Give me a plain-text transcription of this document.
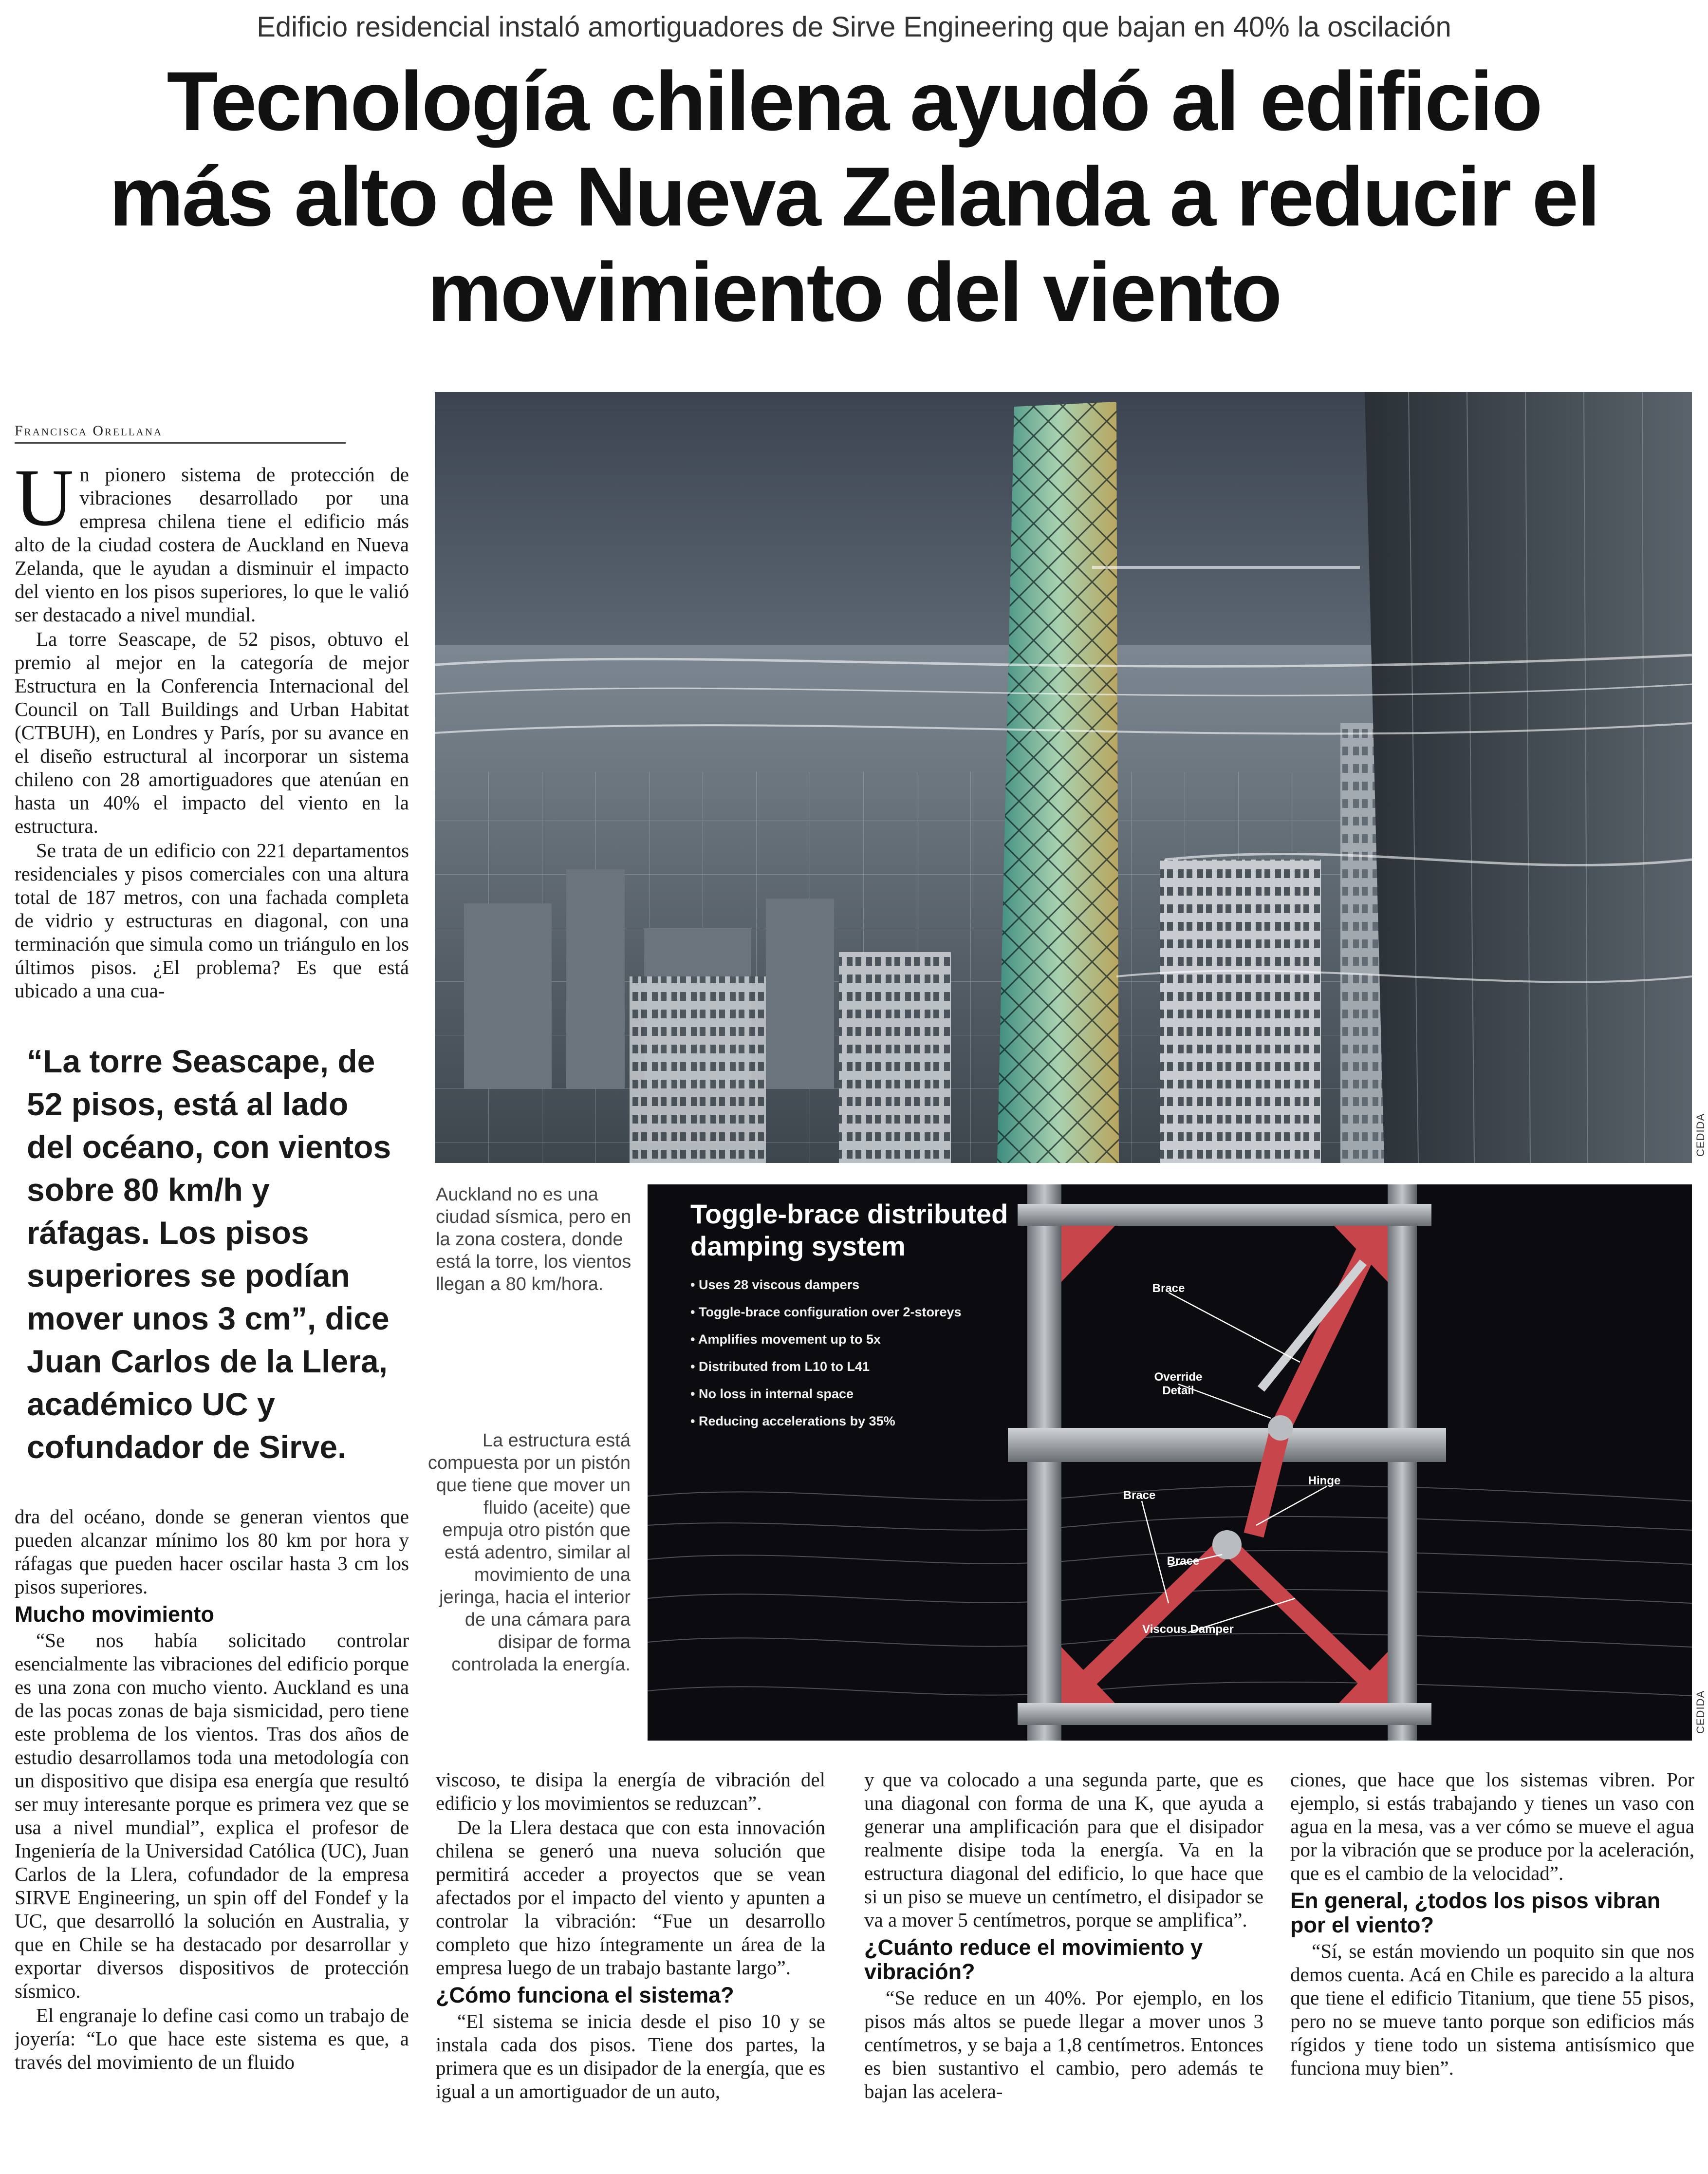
Edificio residencial instaló amortiguadores de Sirve Engineering que bajan en 40% la oscilación
Tecnología chilena ayudó al edificio
más alto de Nueva Zelanda a reducir el
movimiento del viento
Francisca Orellana

Un pionero sistema de protección de vibraciones desarrollado por una empresa chilena tiene el edificio más alto de la ciudad costera de Auckland en Nueva Zelanda, que le ayudan a disminuir el impacto del viento en los pisos superiores, lo que le valió ser destacado a nivel mundial.

La torre Seascape, de 52 pisos, obtuvo el premio al mejor en la categoría de mejor Estructura en la Conferencia Internacional del Council on Tall Buildings and Urban Habitat (CTBUH), en Londres y París, por su avance en el diseño estructural al incorporar un sistema chileno con 28 amortiguadores que atenúan en hasta un 40% el impacto del viento en la estructura.

Se trata de un edificio con 221 departamentos residenciales y pisos comerciales con una altura total de 187 metros, con una fachada completa de vidrio y estructuras en diagonal, con una terminación que simula como un triángulo en los últimos pisos. ¿El problema? Es que está ubicado a una cua-

“La torre Seascape, de 52 pisos, está al lado del océano, con vientos sobre 80 km/h y ráfagas. Los pisos superiores se podían mover unos 3 cm”, dice Juan Carlos de la Llera, académico UC y cofundador de Sirve.

dra del océano, donde se generan vientos que pueden alcanzar mínimo los 80 km por hora y ráfagas que pueden hacer oscilar hasta 3 cm los pisos superiores.

Mucho movimiento

“Se nos había solicitado controlar esencialmente las vibraciones del edificio porque es una zona con mucho viento. Auckland es una de las pocas zonas de baja sismicidad, pero tiene este problema de los vientos. Tras dos años de estudio desarrollamos toda una metodología con un dispositivo que disipa esa energía que resultó ser muy interesante porque es primera vez que se usa a nivel mundial”, explica el profesor de Ingeniería de la Universidad Católica (UC), Juan Carlos de la Llera, cofundador de la empresa SIRVE Engineering, un spin off del Fondef y la UC, que desarrolló la solución en Australia, y que en Chile se ha destacado por desarrollar y exportar diversos dispositivos de protección sísmico.

El engranaje lo define casi como un trabajo de joyería: “Lo que hace este sistema es que, a través del movimiento de un fluido

CEDIDA
Auckland no es una ciudad sísmica, pero en la zona costera, donde está la torre, los vientos llegan a 80 km/hora.
Toggle-brace distributed
damping system
• Uses 28 viscous dampers
• Toggle-brace configuration over 2-storeys
• Amplifies movement up to 5x
• Distributed from L10 to L41
• No loss in internal space
• Reducing accelerations by 35%
Brace
Override
Detail
Hinge
Brace
Brace
Viscous Damper
CEDIDA
La estructura está compuesta por un pistón que tiene que mover un fluido (aceite) que empuja otro pistón que está adentro, similar al movimiento de una jeringa, hacia el interior de una cámara para disipar de forma controlada la energía.

viscoso, te disipa la energía de vibración del edificio y los movimientos se reduzcan”.

De la Llera destaca que con esta innovación chilena se generó una nueva solución que permitirá acceder a proyectos que se vean afectados por el impacto del viento y apunten a controlar la vibración: “Fue un desarrollo completo que hizo íntegramente un área de la empresa luego de un trabajo bastante largo”.

¿Cómo funciona el sistema?

“El sistema se inicia desde el piso 10 y se instala cada dos pisos. Tiene dos partes, la primera que es un disipador de la energía, que es igual a un amortiguador de un auto,

y que va colocado a una segunda parte, que es una diagonal con forma de una K, que ayuda a generar una amplificación para que el disipador realmente disipe toda la energía. Va en la estructura diagonal del edificio, lo que hace que si un piso se mueve un centímetro, el disipador se va a mover 5 centímetros, porque se amplifica”.

¿Cuánto reduce el movimiento y vibración?

“Se reduce en un 40%. Por ejemplo, en los pisos más altos se puede llegar a mover unos 3 centímetros, y se baja a 1,8 centímetros. Entonces es bien sustantivo el cambio, pero además te bajan las acelera-

ciones, que hace que los sistemas vibren. Por ejemplo, si estás trabajando y tienes un vaso con agua en la mesa, vas a ver cómo se mueve el agua por la vibración que se produce por la aceleración, que es el cambio de la velocidad”.

En general, ¿todos los pisos vibran por el viento?

“Sí, se están moviendo un poquito sin que nos demos cuenta. Acá en Chile es parecido a la altura que tiene el edificio Titanium, que tiene 55 pisos, pero no se mueve tanto porque son edificios más rígidos y tiene todo un sistema antisísmico que funciona muy bien”.
